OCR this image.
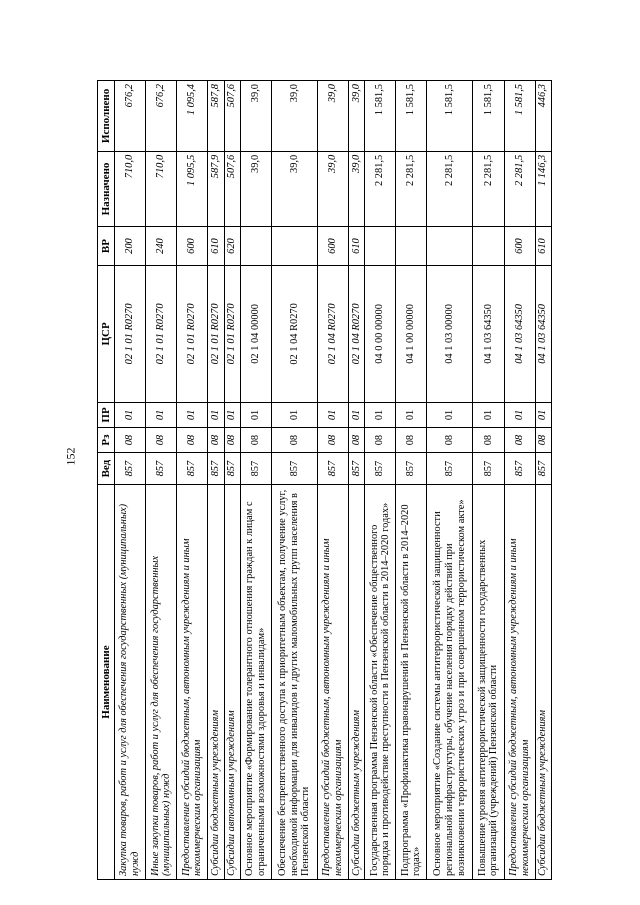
152
Наименование	Вед	Рз	ПР	ЦСР	ВР	Назначено	Исполнено
Закупка товаров, работ и услуг для обеспечения государственных (муниципальных) нужд	857	08	01	02 1 01 R0270	200	710,0	676,2
Иные закупки товаров, работ и услуг для обеспечения государственных (муниципальных) нужд	857	08	01	02 1 01 R0270	240	710,0	676,2
Предоставление субсидий бюджетным, автономным учреждениям и иным некоммерческим организациям	857	08	01	02 1 01 R0270	600	1 095,5	1 095,4
Субсидии бюджетным учреждениям	857	08	01	02 1 01 R0270	610	587,9	587,8
Субсидии автономным учреждениям	857	08	01	02 1 01 R0270	620	507,6	507,6
Основное мероприятие «Формирование толерантного отношения граждан к лицам с ограниченными возможностями здоровья и инвалидам»	857	08	01	02 1 04 00000		39,0	39,0
Обеспечение беспрепятственного доступа к приоритетным объектам, получение услуг, необходимой информации для инвалидов и других маломобильных групп населения в Пензенской области	857	08	01	02 1 04 R0270		39,0	39,0
Предоставление субсидий бюджетным, автономным учреждениям и иным некоммерческим организациям	857	08	01	02 1 04 R0270	600	39,0	39,0
Субсидии бюджетным учреждениям	857	08	01	02 1 04 R0270	610	39,0	39,0
Государственная программа Пензенской области «Обеспечение общественного порядка и противодействие преступности в Пензенской области в 2014–2020 годах»	857	08	01	04 0 00 00000		2 281,5	1 581,5
Подпрограмма «Профилактика правонарушений в Пензенской области в 2014–2020 годах»	857	08	01	04 1 00 00000		2 281,5	1 581,5
Основное мероприятие «Создание системы антитеррористической защищенности региональной инфраструктуры, обучение населения порядку действий при возникновении террористических угроз и при совершенном террористическом акте»	857	08	01	04 1 03 00000		2 281,5	1 581,5
Повышение уровня антитеррористической защищенности государственных организаций (учреждений) Пензенской области	857	08	01	04 1 03 64350		2 281,5	1 581,5
Предоставление субсидий бюджетным, автономным учреждениям и иным некоммерческим организациям	857	08	01	04 1 03 64350	600	2 281,5	1 581,5
Субсидии бюджетным учреждениям	857	08	01	04 1 03 64350	610	1 146,3	446,3
